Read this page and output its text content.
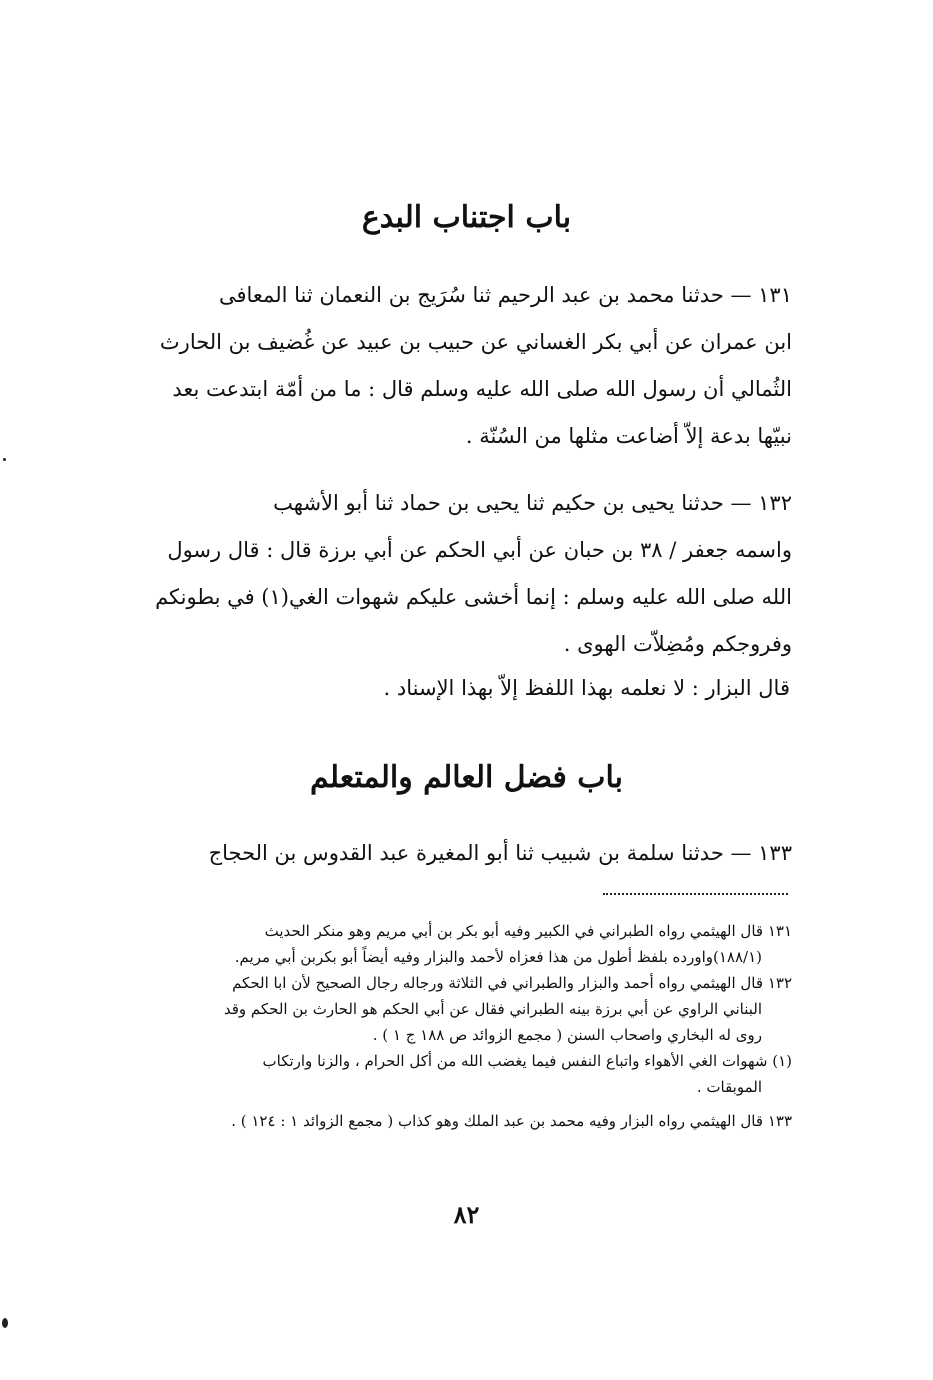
باب اجتناب البدع
١٣١ — حدثنا محمد بن عبد الرحيم ثنا سُرَيج بن النعمان ثنا المعافى
ابن عمران عن أبي بكر الغساني عن حبيب بن عبيد عن غُضيف بن الحارث
الثُمالي أن رسول الله صلى الله عليه وسلم قال : ما من أمّة ابتدعت بعد
نبيّها بدعة إلاّ أضاعت مثلها من السُنّة .
١٣٢ — حدثنا يحيى بن حكيم ثنا يحيى بن حماد ثنا أبو الأشهب
واسمه جعفر / ٣٨ بن حبان عن أبي الحكم عن أبي برزة قال : قال رسول
الله صلى الله عليه وسلم : إنما أخشى عليكم شهوات الغي(١) في بطونكم
وفروجكم ومُضِلاّت الهوى .
قال البزار : لا نعلمه بهذا اللفظ إلاّ بهذا الإسناد .
باب فضل العالم والمتعلم
١٣٣ — حدثنا سلمة بن شبيب ثنا أبو المغيرة عبد القدوس بن الحجاج
١٣١ قال الهيثمي رواه الطبراني في الكبير وفيه أبو بكر بن أبي مريم وهو منكر الحديث
(١٨٨/١)واورده بلفظ أطول من هذا فعزاه لأحمد والبزار وفيه أيضاً أبو بكربن أبي مريم.
١٣٢ قال الهيثمي رواه أحمد والبزار والطبراني في الثلاثة ورجاله رجال الصحيح لأن ابا الحكم
البناني الراوي عن أبي برزة بينه الطبراني فقال عن أبي الحكم هو الحارث بن الحكم وقد
روى له البخاري واصحاب السنن ( مجمع الزوائد ص ١٨٨ ج ١ ) .
(١) شهوات الغي الأهواء واتباع النفس فيما يغضب الله من أكل الحرام ، والزنا وارتكاب
الموبقات .
١٣٣ قال الهيثمي رواه البزار وفيه محمد بن عبد الملك وهو كذاب ( مجمع الزوائد ١ : ١٢٤ ) .
٨٢
